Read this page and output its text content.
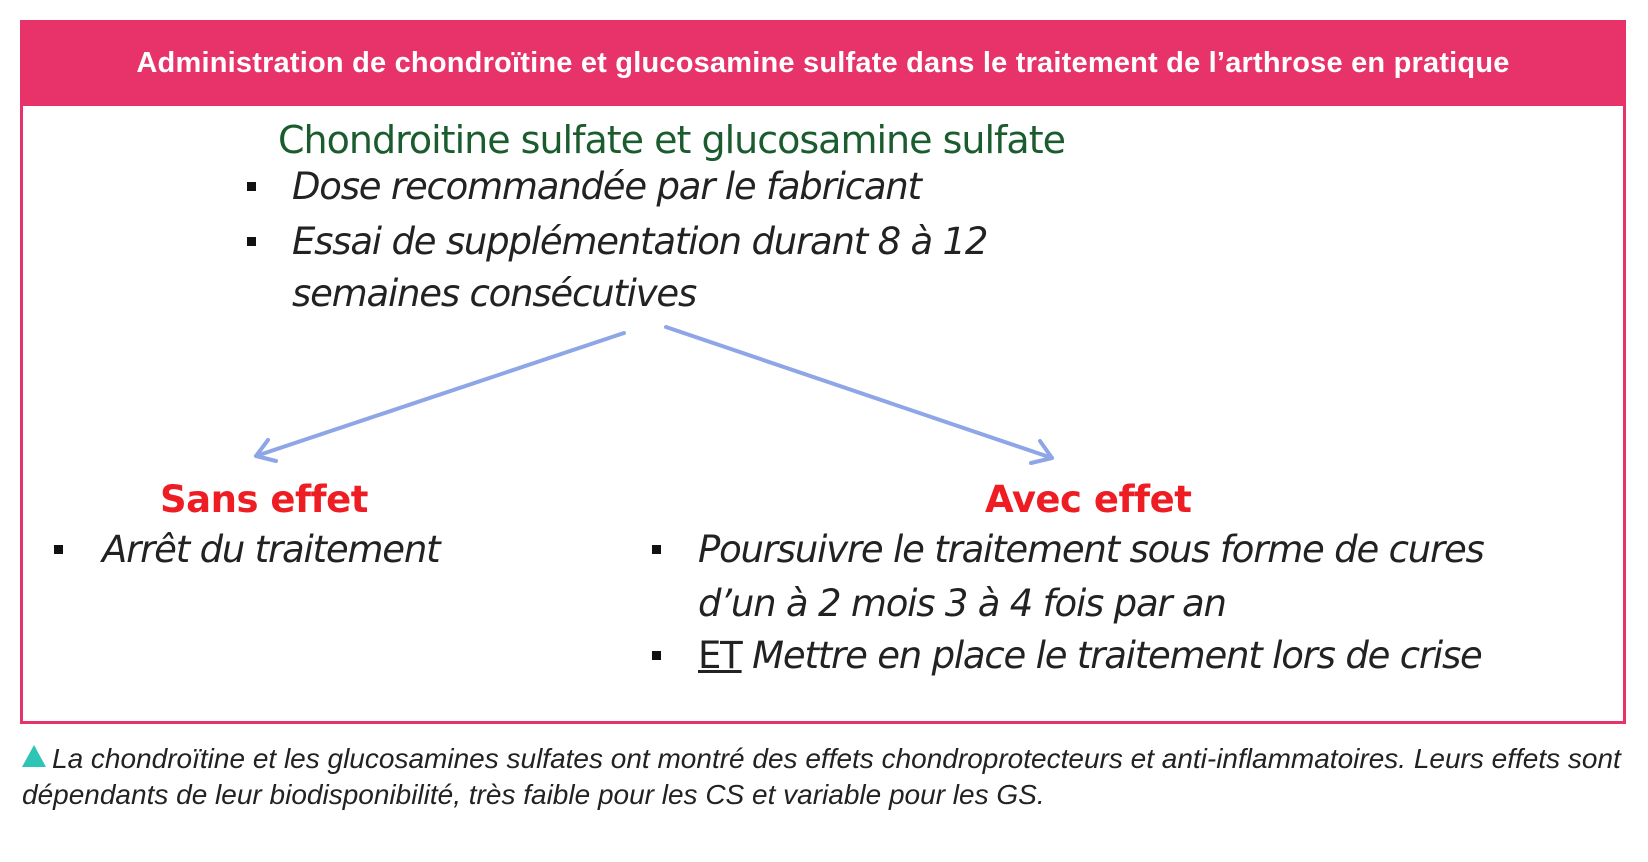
Administration de chondroïtine et glucosamine sulfate dans le traitement de l’arthrose en pratique
Chondroitine sulfate et glucosamine sulfate
Dose recommandée par le fabricant
Essai de supplémentation durant 8 à 12
semaines consécutives
Sans effet
Arrêt du traitement
Avec effet
Poursuivre le traitement sous forme de cures
d’un à 2 mois 3 à 4 fois par an
ET Mettre en place le traitement lors de crise
La chondroïtine et les glucosamines sulfates ont montré des effets chondroprotecteurs et anti-inflammatoires. Leurs effets sont dépendants de leur biodisponibilité, très faible pour les CS et variable pour les GS.
